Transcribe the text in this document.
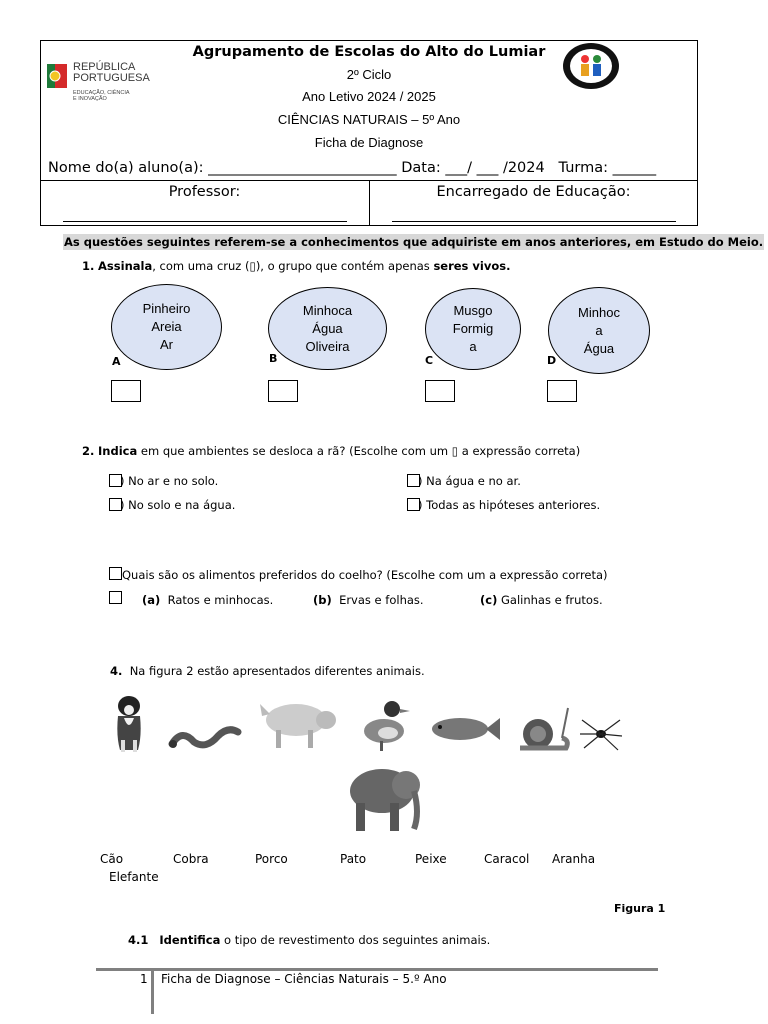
REPÚBLICA
PORTUGUESA
EDUCAÇÃO, CIÊNCIA
E INOVAÇÃO
Agrupamento de Escolas do Alto do Lumiar
2º Ciclo
Ano Letivo 2024 / 2025
CIÊNCIAS NATURAIS – 5º Ano
Ficha de Diagnose
Nome do(a) aluno(a): __________________________ Data: ___/ ___ /2024   Turma: ______
Professor:	Encarregado de Educação:
As questões seguintes referem-se a conhecimentos que adquiriste em anos anteriores, em Estudo do Meio.
1. Assinala, com uma cruz (▯), o grupo que contém apenas seres vivos.
Pinheiro
Areia
Ar
A
Minhoca
Água
Oliveira
B
Musgo
Formig
a
C
Minhoc
a
Água
D
2. Indica em que ambientes se desloca a rã? (Escolhe com um ▯ a expressão correta)
) No ar e no solo.	) Na água e no ar.
) No solo e na água.	) Todas as hipóteses anteriores.
Quais são os alimentos preferidos do coelho? (Escolhe com um a expressão correta)
(a) Ratos e minhocas.	(b) Ervas e folhas.	(c) Galinhas e frutos.
4. Na figura 2 estão apresentados diferentes animais.
Cão	Cobra	Porco	Pato	Peixe	Caracol Aranha
Elefante
Figura 1
4.1 Identifica o tipo de revestimento dos seguintes animais.
1 Ficha de Diagnose – Ciências Naturais – 5.º Ano
